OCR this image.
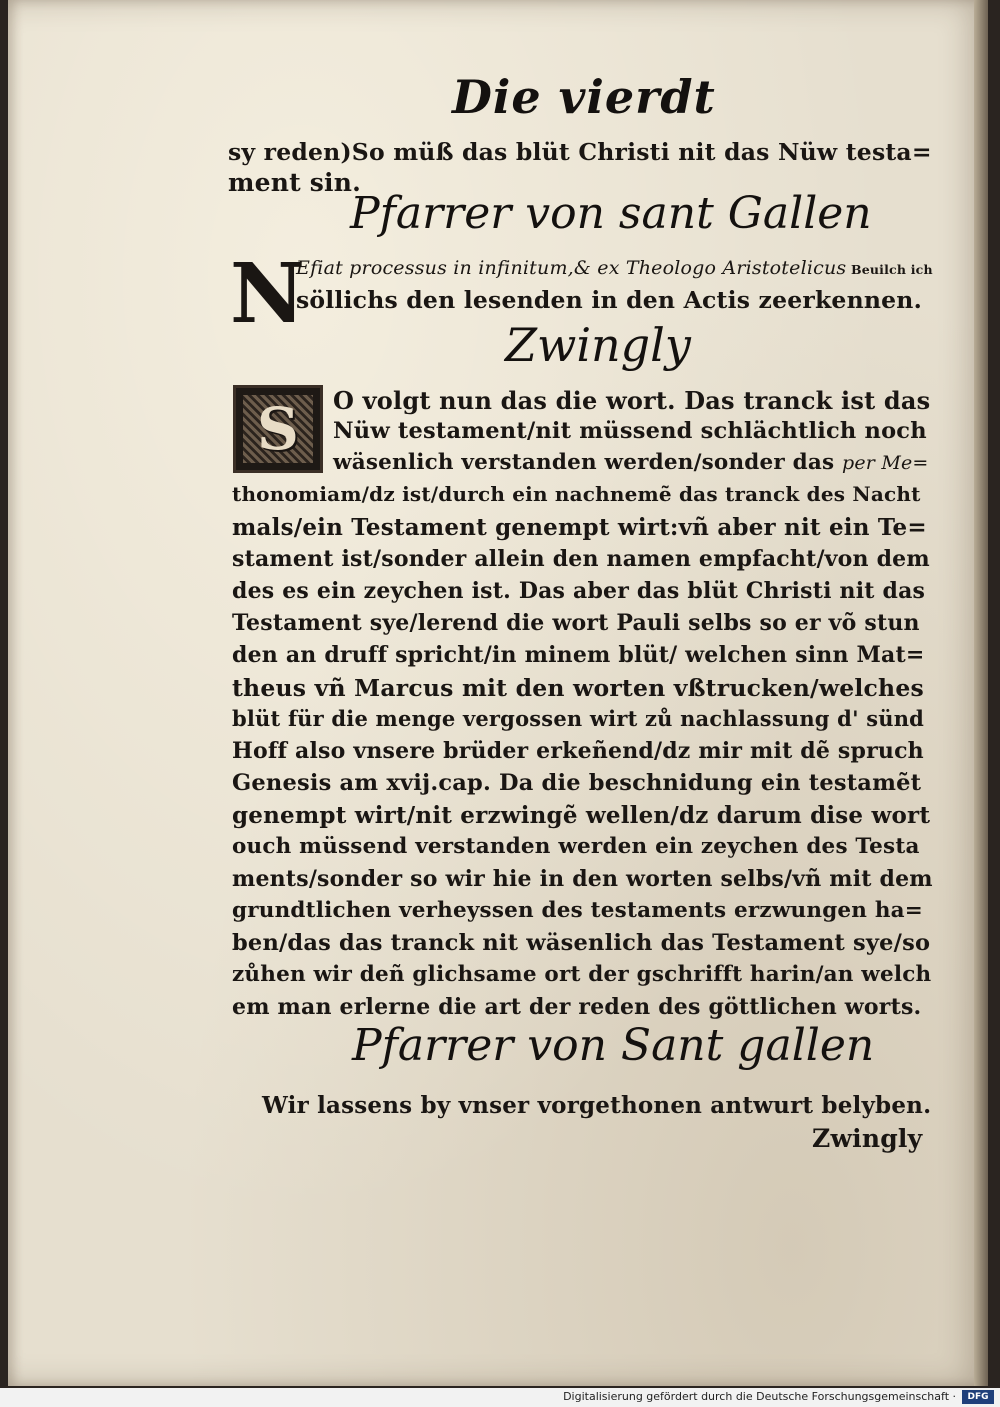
Die vierdt
sy reden)So müß das blüt Christi nit das Nüw testa=
ment sin.
Pfarrer von sant Gallen
N
Efiat processus in infinitum,& ex Theologo Aristotelicus Beuilch ich
söllichs den lesenden in den Actis zeerkennen.
Zwingly
S O volgt nun das die wort. Das tranck ist das
Nüw testament/nit müssend schlächtlich noch
wäsenlich verstanden werden/sonder das per Me=
thonomiam/dz ist/durch ein nachnemẽ das tranck des Nacht
mals/ein Testament genempt wirt:vñ aber nit ein Te=
stament ist/sonder allein den namen empfacht/von dem
des es ein zeychen ist. Das aber das blüt Christi nit das
Testament sye/lerend die wort Pauli selbs so er võ stun
den an druff spricht/in minem blüt/ welchen sinn Mat=
theus vñ Marcus mit den worten vßtrucken/welches
blüt für die menge vergossen wirt zů nachlassung d' sünd
Hoff also vnsere brüder erkeñend/dz mir mit dẽ spruch
Genesis am xvij.cap. Da die beschnidung ein testamẽt
genempt wirt/nit erzwingẽ wellen/dz darum dise wort
ouch müssend verstanden werden ein zeychen des Testa
ments/sonder so wir hie in den worten selbs/vñ mit dem
grundtlichen verheyssen des testaments erzwungen ha=
ben/das das tranck nit wäsenlich das Testament sye/so
zůhen wir deñ glichsame ort der gschrifft harin/an welch
em man erlerne die art der reden des göttlichen worts.
Pfarrer von Sant gallen
Wir lassens by vnser vorgethonen antwurt belyben.
Zwingly
Digitalisierung gefördert durch die Deutsche Forschungsgemeinschaft ·	DFG
